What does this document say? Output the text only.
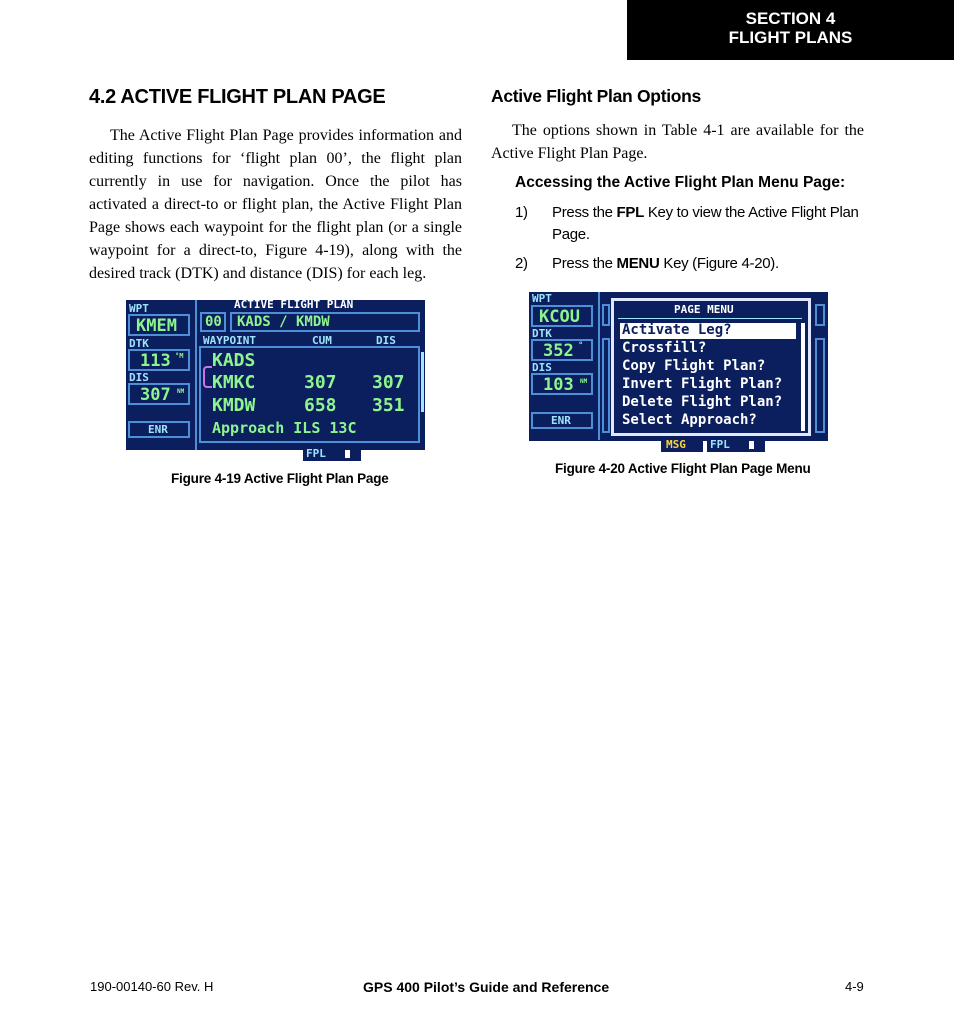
SECTION 4
FLIGHT PLANS
4.2 ACTIVE FLIGHT PLAN PAGE
The Active Flight Plan Page provides information and editing functions for ‘flight plan 00’, the flight plan currently in use for navigation. Once the pilot has activated a direct-to or flight plan, the Active Flight Plan Page shows each waypoint for the flight plan (or a single waypoint for a direct-to, Figure 4-19), along with the desired track (DTK) and distance (DIS) for each leg.
WPT
KMEM
DTK
113 °M
DIS
307 NM
ENR
ACTIVE FLIGHT PLAN
00 KADS / KMDW
WAYPOINT	CUM	DIS
KADS
KMKC	307 307
KMDW	658 351
Approach ILS 13C
FPL
Figure 4-19 Active Flight Plan Page
Active Flight Plan Options
The options shown in Table 4-1 are available for the Active Flight Plan Page.
Accessing the Active Flight Plan Menu Page:
1) Press the FPL Key to view the Active Flight Plan Page.
2) Press the MENU Key (Figure 4-20).
WPT
KCOU
DTK
352 °
DIS
103 NM
ENR
PAGE MENU
Activate Leg?
Crossfill?
Copy Flight Plan?
Invert Flight Plan?
Delete Flight Plan?
Select Approach?
MSG FPL
Figure 4-20 Active Flight Plan Page Menu
190-00140-60 Rev. H	GPS 400 Pilot’s Guide and Reference	4-9
